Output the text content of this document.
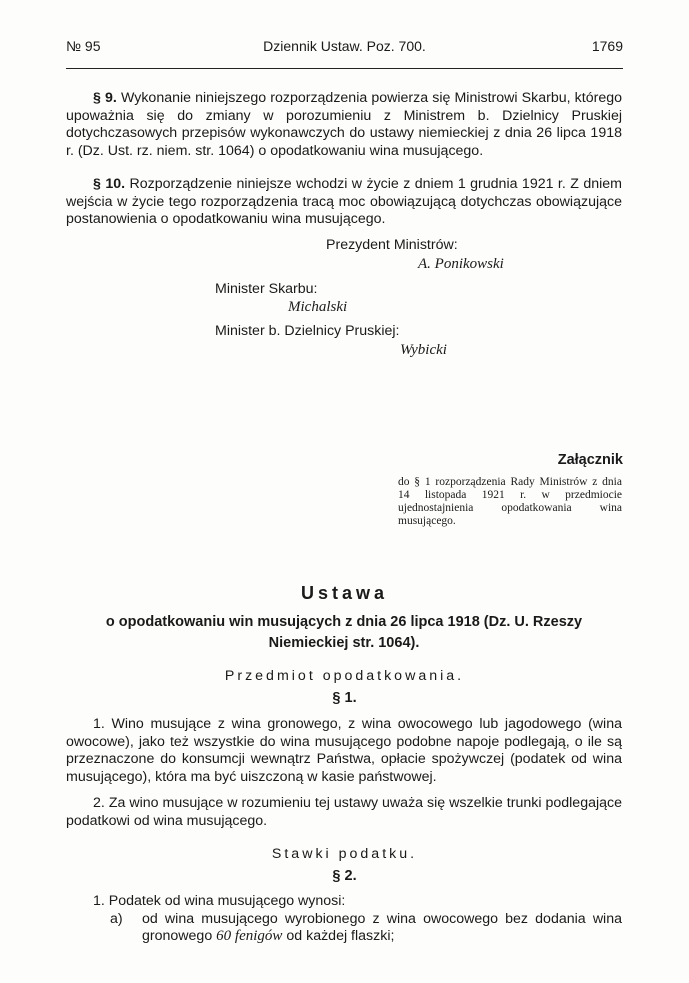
№ 95	Dziennik Ustaw. Poz. 700.	1769
§ 9. Wykonanie niniejszego rozporządzenia powierza się Ministrowi Skarbu, którego upoważnia się do zmiany w porozumieniu z Ministrem b. Dzielnicy Pruskiej dotychczasowych przepisów wykonawczych do ustawy niemieckiej z dnia 26 lipca 1918 r. (Dz. Ust. rz. niem. str. 1064) o opodatkowaniu wina musującego.
§ 10. Rozporządzenie niniejsze wchodzi w życie z dniem 1 grudnia 1921 r. Z dniem wejścia w życie tego rozporządzenia tracą moc obowiązującą dotychczas obowiązujące postanowienia o opodatkowaniu wina musującego.
Prezydent Ministrów:
A. Ponikowski
Minister Skarbu:
Michalski
Minister b. Dzielnicy Pruskiej:
Wybicki
Załącznik
do § 1 rozporządzenia Rady Ministrów z dnia 14 listopada 1921 r. w przedmiocie ujednostajnienia opodatkowania wina musującego.
Ustawa
o opodatkowaniu win musujących z dnia 26 lipca 1918 (Dz. U. Rzeszy Niemieckiej str. 1064).
Przedmiot opodatkowania.
§ 1.
1. Wino musujące z wina gronowego, z wina owocowego lub jagodowego (wina owocowe), jako też wszystkie do wina musującego podobne napoje podlegają, o ile są przeznaczone do konsumcji wewnątrz Państwa, opłacie spożywczej (podatek od wina musującego), która ma być uiszczoną w kasie państwowej.
2. Za wino musujące w rozumieniu tej ustawy uważa się wszelkie trunki podlegające podatkowi od wina musującego.
Stawki podatku.
§ 2.
1. Podatek od wina musującego wynosi:
a)	od wina musującego wyrobionego z wina owocowego bez dodania wina gronowego 60 fenigów od każdej flaszki;
